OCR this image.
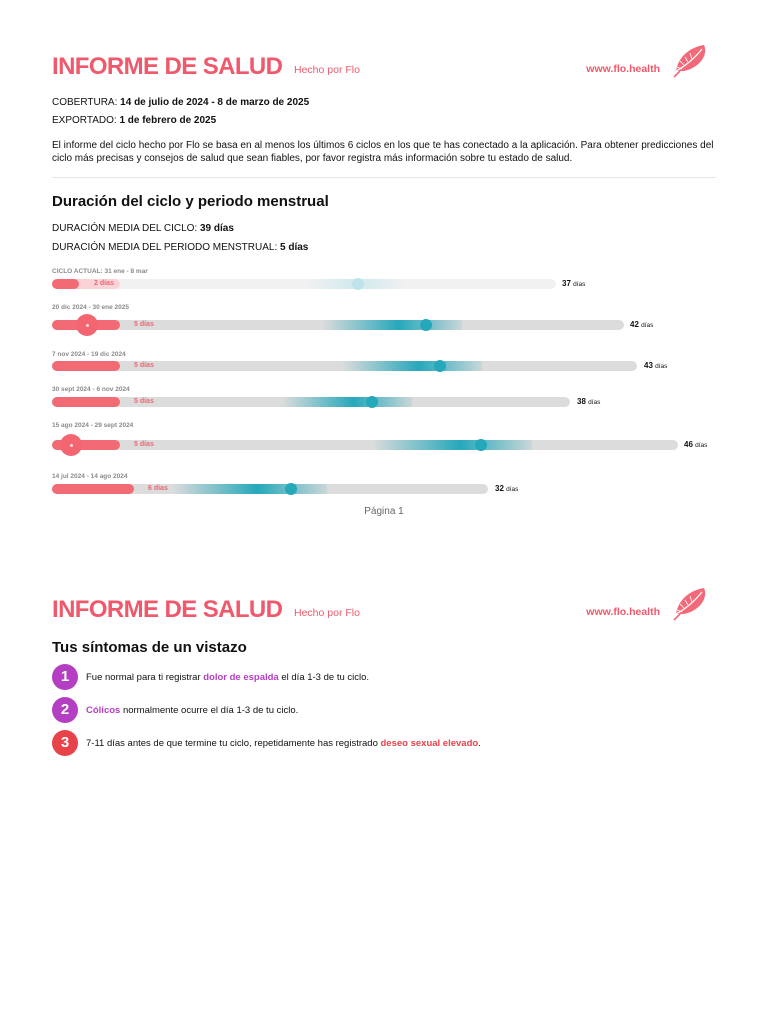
INFORME DE SALUD Hecho por Flo	www.flo.health
COBERTURA: 14 de julio de 2024 - 8 de marzo de 2025
EXPORTADO: 1 de febrero de 2025
El informe del ciclo hecho por Flo se basa en al menos los últimos 6 ciclos en los que te has conectado a la aplicación. Para obtener predicciones del ciclo más precisas y consejos de salud que sean fiables, por favor registra más información sobre tu estado de salud.
Duración del ciclo y periodo menstrual
DURACIÓN MEDIA DEL CICLO: 39 días
DURACIÓN MEDIA DEL PERIODO MENSTRUAL: 5 días
CICLO ACTUAL: 31 ene - 8 mar
2 días	37 días
20 dic 2024 - 30 ene 2025
5 días	42 días
7 nov 2024 - 19 dic 2024
5 días	43 días
30 sept 2024 - 6 nov 2024
5 días	38 días
15 ago 2024 - 29 sept 2024
5 días	46 días
14 jul 2024 - 14 ago 2024
6 días	32 días
Página 1
INFORME DE SALUD Hecho por Flo	www.flo.health
Tus síntomas de un vistazo
1	Fue normal para ti registrar dolor de espalda el día 1-3 de tu ciclo.
2	Cólicos normalmente ocurre el día 1-3 de tu ciclo.
3	7-11 días antes de que termine tu ciclo, repetidamente has registrado deseo sexual elevado.
